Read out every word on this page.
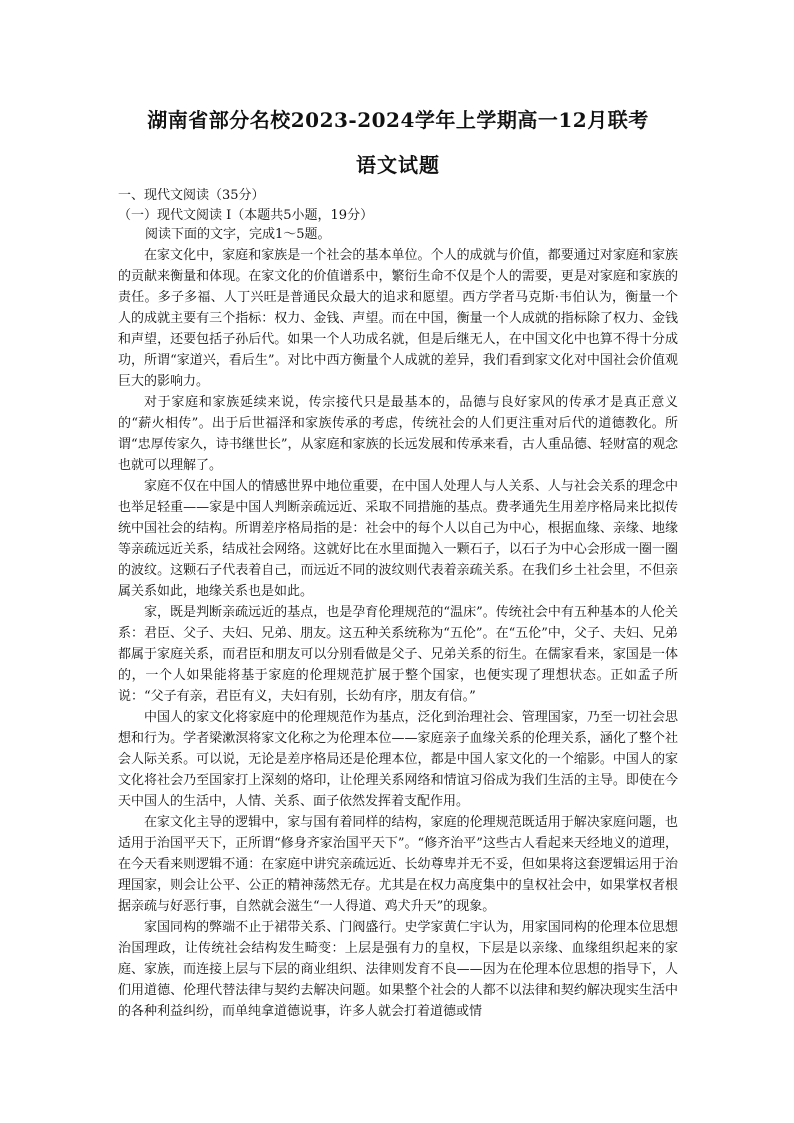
湖南省部分名校2023-2024学年上学期高一12月联考
语文试题

一、现代文阅读（35分）

（一）现代文阅读 I（本题共5小题，19分）

阅读下面的文字，完成1～5题。

在家文化中，家庭和家族是一个社会的基本单位。个人的成就与价值，都要通过对家庭和家族的贡献来衡量和体现。在家文化的价值谱系中，繁衍生命不仅是个人的需要，更是对家庭和家族的责任。多子多福、人丁兴旺是普通民众最大的追求和愿望。西方学者马克斯·韦伯认为，衡量一个人的成就主要有三个指标：权力、金钱、声望。而在中国，衡量一个人成就的指标除了权力、金钱和声望，还要包括子孙后代。如果一个人功成名就，但是后继无人，在中国文化中也算不得十分成功，所谓“家道兴，看后生”。对比中西方衡量个人成就的差异，我们看到家文化对中国社会价值观巨大的影响力。

对于家庭和家族延续来说，传宗接代只是最基本的，品德与良好家风的传承才是真正意义的“薪火相传”。出于后世福泽和家族传承的考虑，传统社会的人们更注重对后代的道德教化。所谓“忠厚传家久，诗书继世长”，从家庭和家族的长远发展和传承来看，古人重品德、轻财富的观念也就可以理解了。

家庭不仅在中国人的情感世界中地位重要，在中国人处理人与人关系、人与社会关系的理念中也举足轻重——家是中国人判断亲疏远近、采取不同措施的基点。费孝通先生用差序格局来比拟传统中国社会的结构。所谓差序格局指的是：社会中的每个人以自己为中心，根据血缘、亲缘、地缘等亲疏远近关系，结成社会网络。这就好比在水里面抛入一颗石子，以石子为中心会形成一圈一圈的波纹。这颗石子代表着自己，而远近不同的波纹则代表着亲疏关系。在我们乡土社会里，不但亲属关系如此，地缘关系也是如此。

家，既是判断亲疏远近的基点，也是孕育伦理规范的“温床”。传统社会中有五种基本的人伦关系：君臣、父子、夫妇、兄弟、朋友。这五种关系统称为“五伦”。在“五伦”中，父子、夫妇、兄弟都属于家庭关系，而君臣和朋友可以分别看做是父子、兄弟关系的衍生。在儒家看来，家国是一体的，一个人如果能将基于家庭的伦理规范扩展于整个国家，也便实现了理想状态。正如孟子所说：“父子有亲，君臣有义，夫妇有别，长幼有序，朋友有信。”

中国人的家文化将家庭中的伦理规范作为基点，泛化到治理社会、管理国家，乃至一切社会思想和行为。学者梁漱溟将家文化称之为伦理本位——家庭亲子血缘关系的伦理关系，涵化了整个社会人际关系。可以说，无论是差序格局还是伦理本位，都是中国人家文化的一个缩影。中国人的家文化将社会乃至国家打上深刻的烙印，让伦理关系网络和情谊习俗成为我们生活的主导。即使在今天中国人的生活中，人情、关系、面子依然发挥着支配作用。

在家文化主导的逻辑中，家与国有着同样的结构，家庭的伦理规范既适用于解决家庭问题，也适用于治国平天下，正所谓“修身齐家治国平天下”。“修齐治平”这些古人看起来天经地义的道理，在今天看来则逻辑不通：在家庭中讲究亲疏远近、长幼尊卑并无不妥，但如果将这套逻辑运用于治理国家，则会让公平、公正的精神荡然无存。尤其是在权力高度集中的皇权社会中，如果掌权者根据亲疏与好恶行事，自然就会滋生“一人得道、鸡犬升天”的现象。

家国同构的弊端不止于裙带关系、门阀盛行。史学家黄仁宇认为，用家国同构的伦理本位思想治国理政，让传统社会结构发生畸变：上层是强有力的皇权，下层是以亲缘、血缘组织起来的家庭、家族，而连接上层与下层的商业组织、法律则发育不良——因为在伦理本位思想的指导下，人们用道德、伦理代替法律与契约去解决问题。如果整个社会的人都不以法律和契约解决现实生活中的各种利益纠纷，而单纯拿道德说事，许多人就会打着道德或情
